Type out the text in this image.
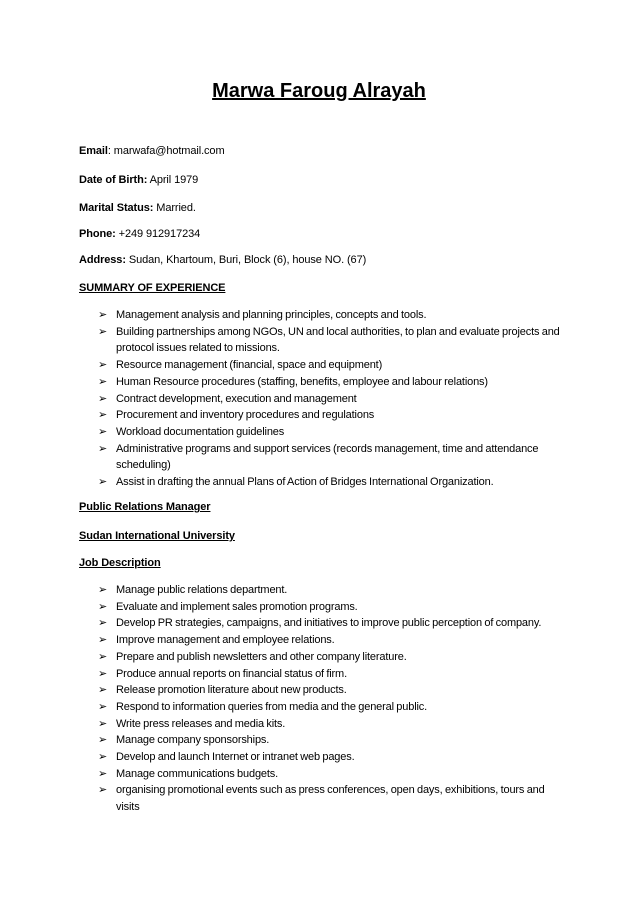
Marwa Faroug Alrayah
Email: marwafa@hotmail.com
Date of Birth: April 1979
Marital Status: Married.
Phone: +249 912917234
Address: Sudan, Khartoum, Buri, Block (6), house NO. (67)
SUMMARY OF EXPERIENCE
➢ Management analysis and planning principles, concepts and tools.
➢ Building partnerships among NGOs, UN and local authorities, to plan and evaluate projects and protocol issues related to missions.
➢ Resource management (financial, space and equipment)
➢ Human Resource procedures (staffing, benefits, employee and labour relations)
➢ Contract development, execution and management
➢ Procurement and inventory procedures and regulations
➢ Workload documentation guidelines
➢ Administrative programs and support services (records management, time and attendance scheduling)
➢ Assist in drafting the annual Plans of Action of Bridges International Organization.
Public Relations Manager
Sudan International University
Job Description
➢ Manage public relations department.
➢ Evaluate and implement sales promotion programs.
➢ Develop PR strategies, campaigns, and initiatives to improve public perception of company.
➢ Improve management and employee relations.
➢ Prepare and publish newsletters and other company literature.
➢ Produce annual reports on financial status of firm.
➢ Release promotion literature about new products.
➢ Respond to information queries from media and the general public.
➢ Write press releases and media kits.
➢ Manage company sponsorships.
➢ Develop and launch Internet or intranet web pages.
➢ Manage communications budgets.
➢ organising promotional events such as press conferences, open days, exhibitions, tours and visits
